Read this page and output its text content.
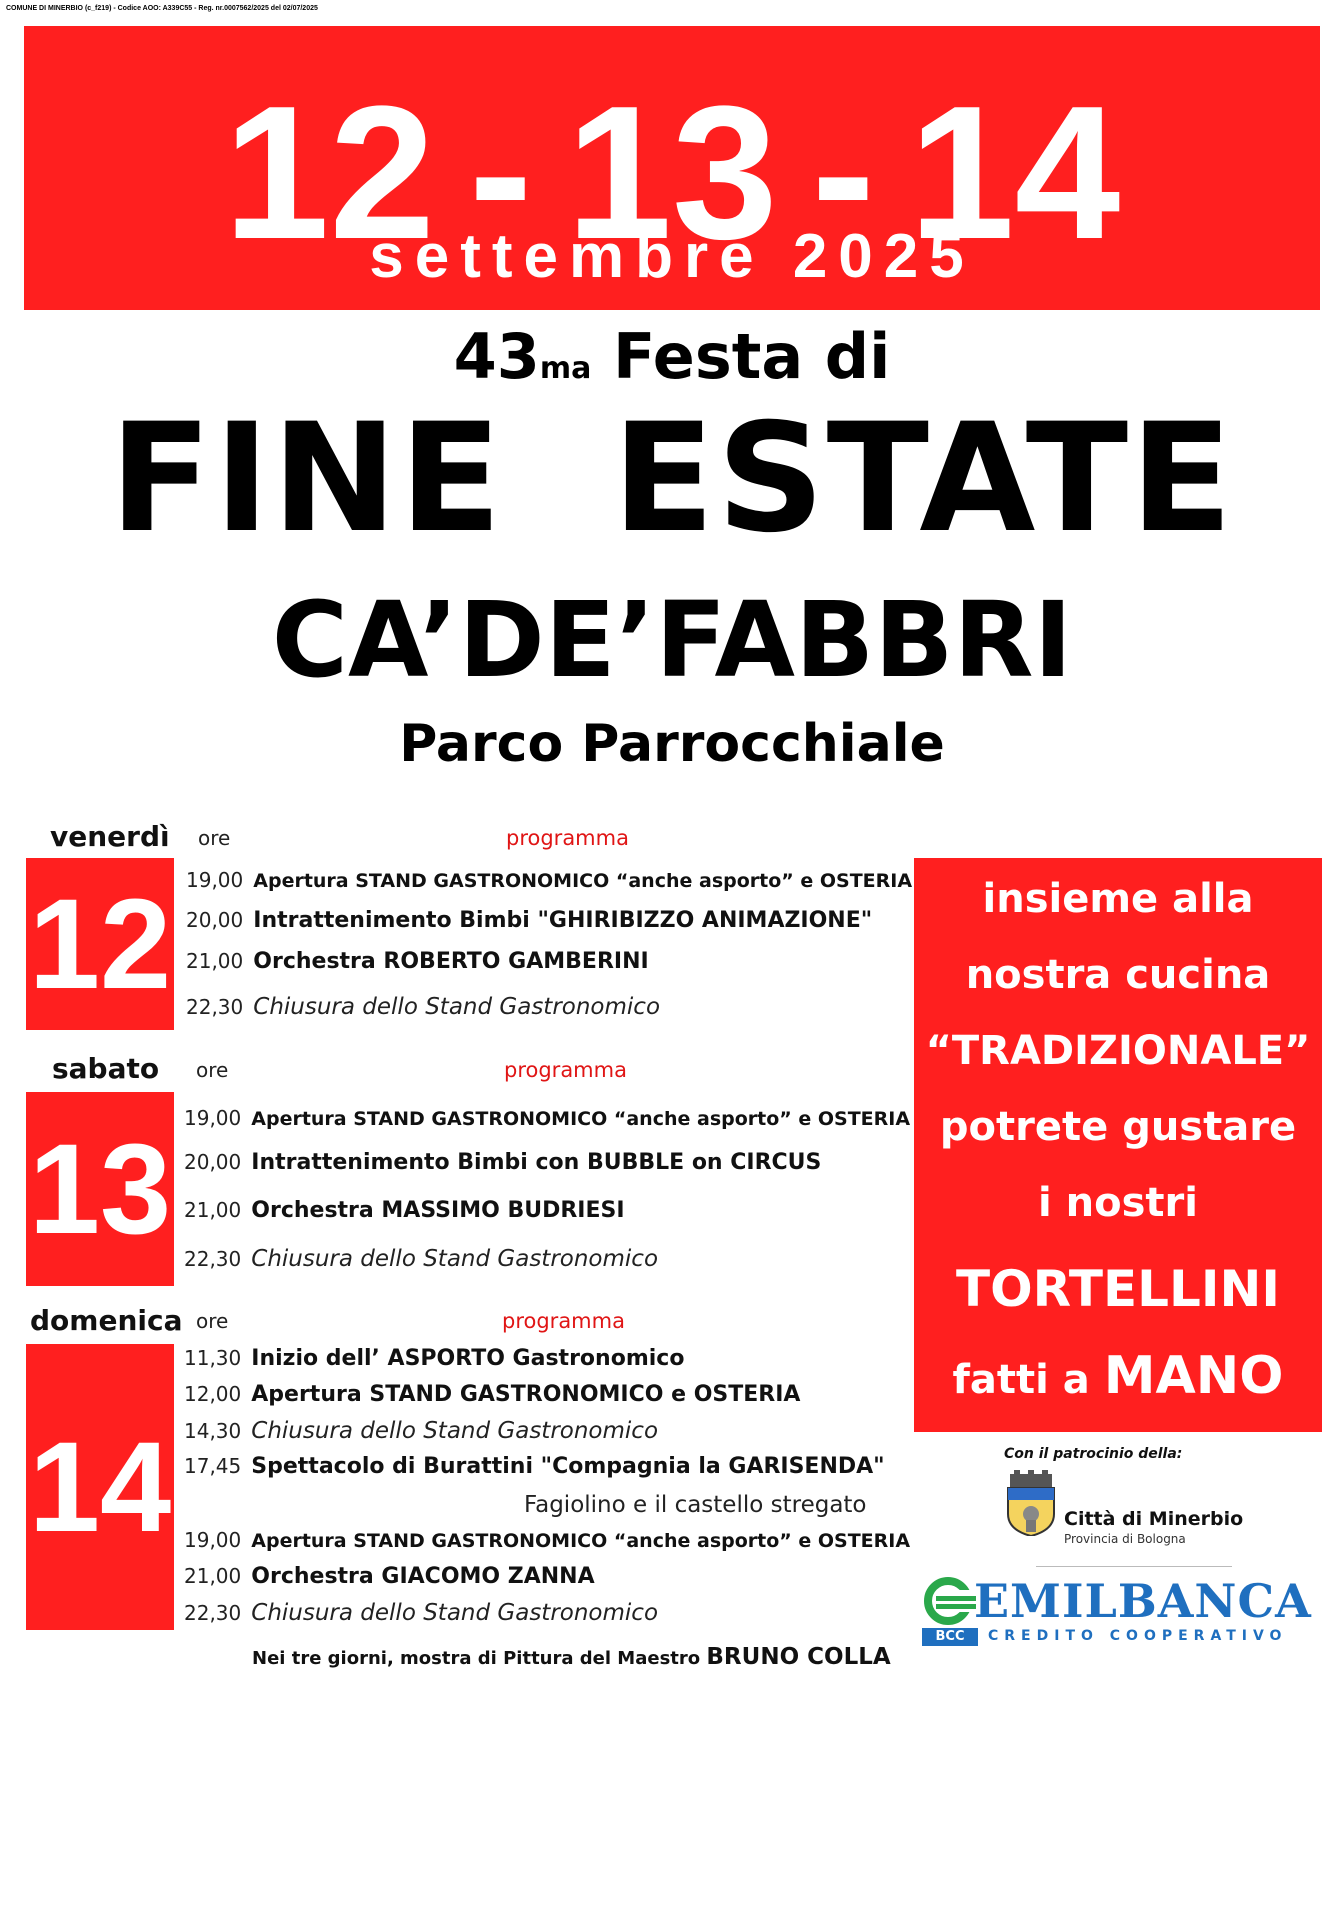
COMUNE DI MINERBIO (c_f219) - Codice AOO: A339C55 - Reg. nr.0007562/2025 del 02/07/2025
12 - 13 - 14
settembre 2025
43ma Festa di
FINE  ESTATE
CA’DE’FABBRI
Parco Parrocchiale
venerdì ore	programma
12 19,00 Apertura STAND GASTRONOMICO “anche asporto” e OSTERIA
20,00 Intrattenimento Bimbi "GHIRIBIZZO ANIMAZIONE"
21,00 Orchestra ROBERTO GAMBERINI
22,30 Chiusura dello Stand Gastronomico
sabato ore	programma
13 19,00 Apertura STAND GASTRONOMICO “anche asporto” e OSTERIA
20,00 Intrattenimento Bimbi con BUBBLE on CIRCUS
21,00 Orchestra MASSIMO BUDRIESI
22,30 Chiusura dello Stand Gastronomico
domenica ore	programma
14
11,30 Inizio dell’ ASPORTO Gastronomico
12,00 Apertura STAND GASTRONOMICO e OSTERIA
14,30 Chiusura dello Stand Gastronomico
17,45 Spettacolo di Burattini "Compagnia la GARISENDA"
Fagiolino e il castello stregato
19,00 Apertura STAND GASTRONOMICO “anche asporto” e OSTERIA
21,00 Orchestra GIACOMO ZANNA
22,30 Chiusura dello Stand Gastronomico
insieme alla
nostra cucina
“TRADIZIONALE”
potrete gustare
i nostri
TORTELLINI
fatti a MANO
Con il patrocinio della:
Città di Minerbio
Provincia di Bologna
EMILBANCA
BCC	CREDITO COOPERATIVO
Nei tre giorni, mostra di Pittura del Maestro BRUNO COLLA
